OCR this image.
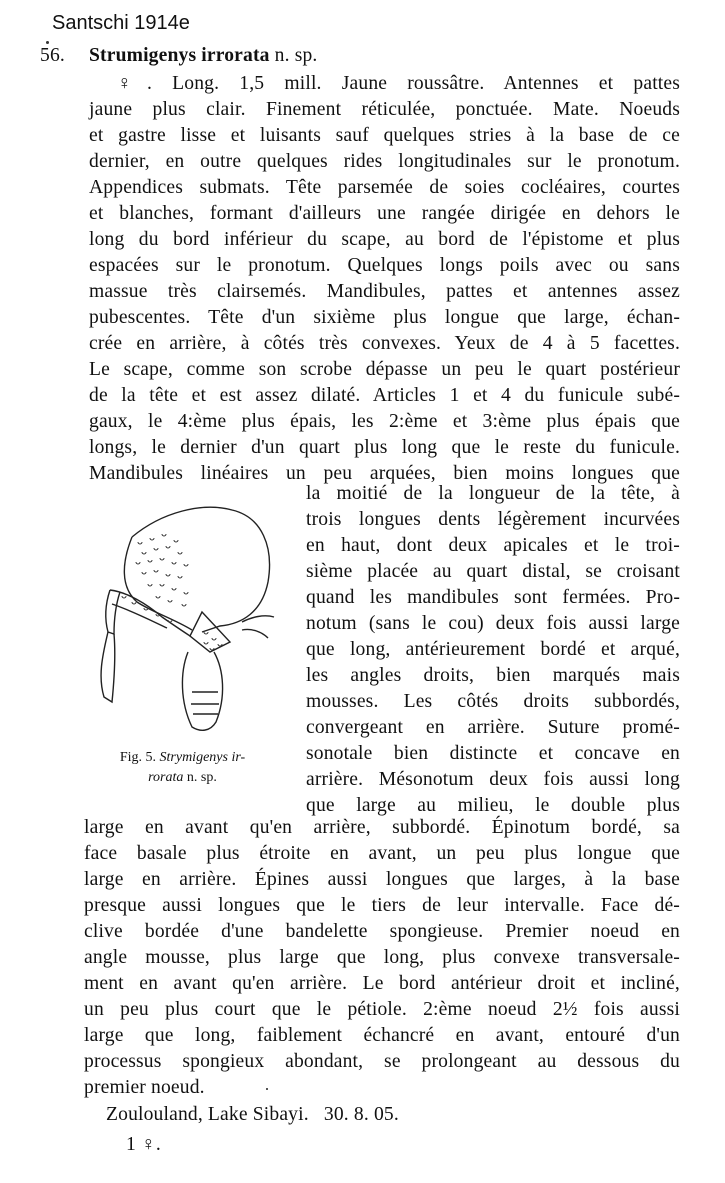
Santschi 1914e
56. Strumigenys irrorata n. sp.
♀. Long. 1,5 mill. Jaune roussâtre. Antennes et pattes
jaune plus clair. Finement réticulée, ponctuée. Mate. Noeuds
et gastre lisse et luisants sauf quelques stries à la base de ce
dernier, en outre quelques rides longitudinales sur le pronotum.
Appendices submats. Tête parsemée de soies cocléaires, courtes
et blanches, formant d'ailleurs une rangée dirigée en dehors le
long du bord inférieur du scape, au bord de l'épistome et plus
espacées sur le pronotum. Quelques longs poils avec ou sans
massue très clairsemés. Mandibules, pattes et antennes assez
pubescentes. Tête d'un sixième plus longue que large, échan-
crée en arrière, à côtés très convexes. Yeux de 4 à 5 facettes.
Le scape, comme son scrobe dépasse un peu le quart postérieur
de la tête et est assez dilaté. Articles 1 et 4 du funicule subé-
gaux, le 4:ème plus épais, les 2:ème et 3:ème plus épais que
longs, le dernier d'un quart plus long que le reste du funicule.
Mandibules linéaires un peu arquées, bien moins longues que
la moitié de la longueur de la tête, à
trois longues dents légèrement incurvées
en haut, dont deux apicales et le troi-
sième placée au quart distal, se croisant
quand les mandibules sont fermées. Pro-
notum (sans le cou) deux fois aussi large
que long, antérieurement bordé et arqué,
les angles droits, bien marqués mais
mousses. Les côtés droits subbordés,
convergeant en arrière. Suture promé-
sonotale bien distincte et concave en
arrière. Mésonotum deux fois aussi long
que large au milieu, le double plus
large en avant qu'en arrière, subbordé. Épinotum bordé, sa
face basale plus étroite en avant, un peu plus longue que
large en arrière. Épines aussi longues que larges, à la base
presque aussi longues que le tiers de leur intervalle. Face dé-
clive bordée d'une bandelette spongieuse. Premier noeud en
angle mousse, plus large que long, plus convexe transversale-
ment en avant qu'en arrière. Le bord antérieur droit et incliné,
un peu plus court que le pétiole. 2:ème noeud 2½ fois aussi
large que long, faiblement échancré en avant, entouré d'un
processus spongieux abondant, se prolongeant au dessous du
premier noeud.
Fig. 5. Strymigenys ir-
rorata n. sp.
Zoulouland, Lake Sibayi.   30. 8. 05.
1 ♀.
